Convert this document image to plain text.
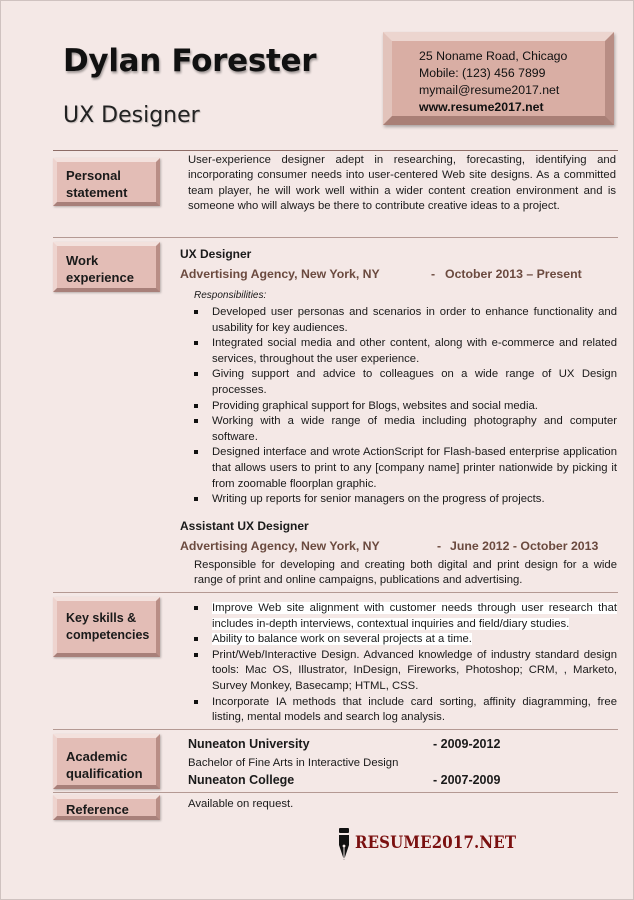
Dylan Forester
UX Designer
25 Noname Road, Chicago
Mobile: (123) 456 7899
mymail@resume2017.net
www.resume2017.net
Personal
statement
User-experience designer adept in researching, forecasting, identifying and incorporating consumer needs into user-centered Web site designs. As a committed team player, he will work well within a wider content creation environment and is someone who will always be there to contribute creative ideas to a project.
Work
experience
UX Designer
Advertising Agency, New York, NY	- October 2013 – Present
Responsibilities:
Developed user personas and scenarios in order to enhance functionality and usability for key audiences.
Integrated social media and other content, along with e-commerce and related services, throughout the user experience.
Giving support and advice to colleagues on a wide range of UX Design processes.
Providing graphical support for Blogs, websites and social media.
Working with a wide range of media including photography and computer software.
Designed interface and wrote ActionScript for Flash-based enterprise application that allows users to print to any [company name] printer nationwide by picking it from zoomable floorplan graphic.
Writing up reports for senior managers on the progress of projects.
Assistant UX Designer
Advertising Agency, New York, NY	- June 2012 - October 2013
Responsible for developing and creating both digital and print design for a wide range of print and online campaigns, publications and advertising.
Key skills &
competencies
Improve Web site alignment with customer needs through user research that includes in-depth interviews, contextual inquiries and field/diary studies.
Ability to balance work on several projects at a time.
Print/Web/Interactive Design. Advanced knowledge of industry standard design tools: Mac OS, Illustrator, InDesign, Fireworks, Photoshop; CRM, , Marketo, Survey Monkey, Basecamp; HTML, CSS.
Incorporate IA methods that include card sorting, affinity diagramming, free listing, mental models and search log analysis.
Academic
qualification
Nuneaton University	- 2009-2012
Bachelor of Fine Arts in Interactive Design
Nuneaton College	- 2007-2009
Reference	Available on request.
RESUME2017.NET
